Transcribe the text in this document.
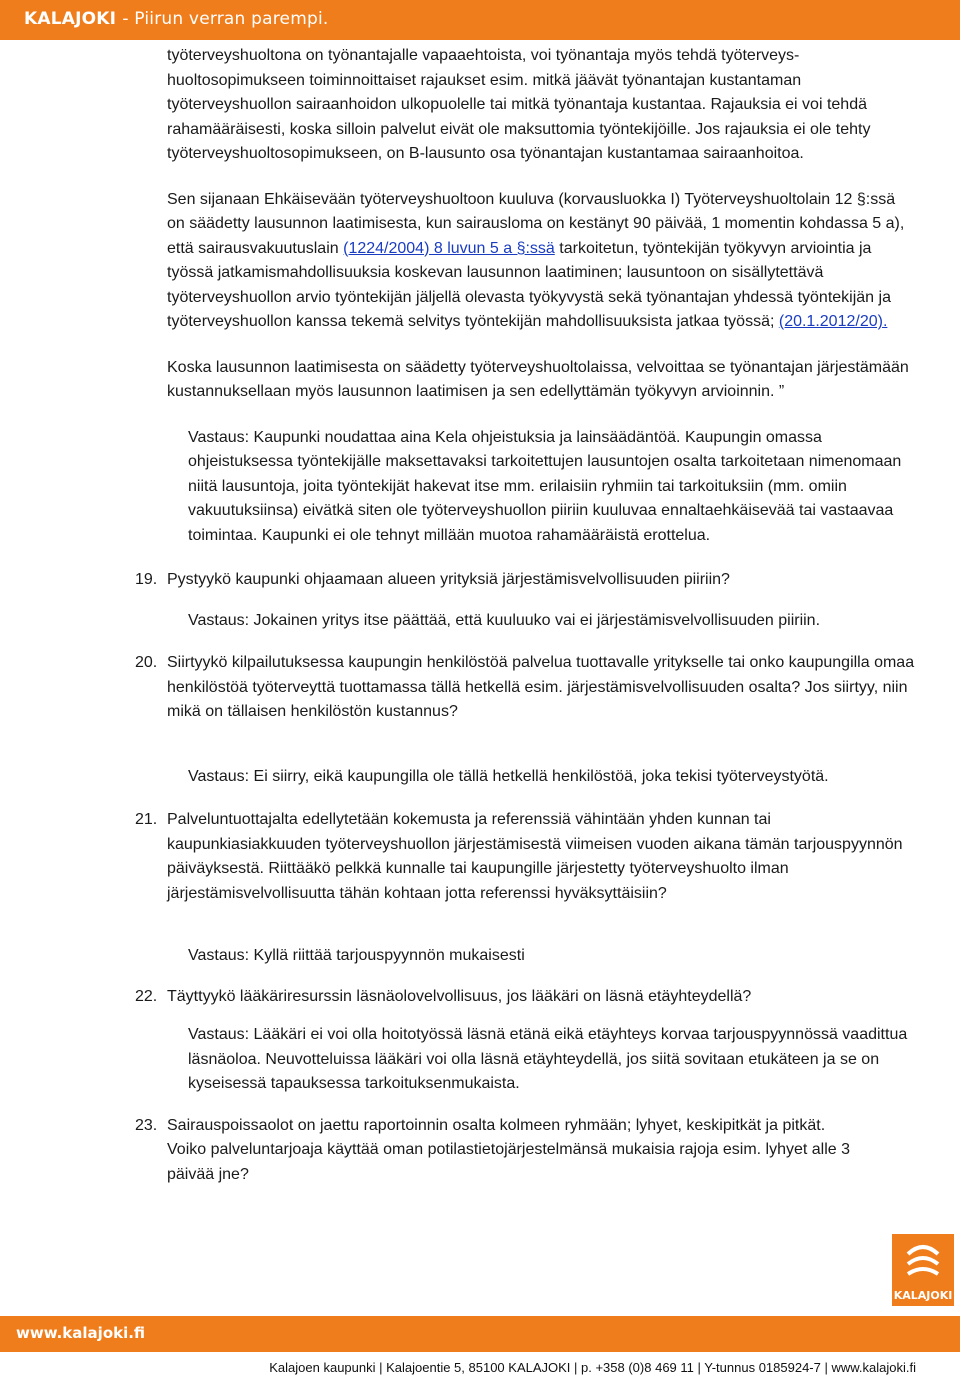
KALAJOKI - Piirun verran parempi.

työterveyshuoltona on työnantajalle vapaaehtoista, voi työnantaja myös tehdä työterveys-huoltosopimukseen toiminnoittaiset rajaukset esim. mitkä jäävät työnantajan kustantaman työterveyshuollon sairaanhoidon ulkopuolelle tai mitkä työnantaja kustantaa. Rajauksia ei voi tehdä rahamääräisesti, koska silloin palvelut eivät ole maksuttomia työntekijöille. Jos rajauksia ei ole tehty työterveyshuoltosopimukseen, on B-lausunto osa työnantajan kustantamaa sairaanhoitoa.

Sen sijanaan Ehkäisevään työterveyshuoltoon kuuluva (korvausluokka I) Työterveyshuoltolain 12 §:ssä on säädetty lausunnon laatimisesta, kun sairausloma on kestänyt 90 päivää, 1 momentin kohdassa 5 a), että sairausvakuutuslain (1224/2004) 8 luvun 5 a §:ssä tarkoitetun, työntekijän työkyvyn arviointia ja työssä jatkamismahdollisuuksia koskevan lausunnon laatiminen; lausuntoon on sisällytettävä työterveyshuollon arvio työntekijän jäljellä olevasta työkyvystä sekä työnantajan yhdessä työntekijän ja työterveyshuollon kanssa tekemä selvitys työntekijän mahdollisuuksista jatkaa työssä; (20.1.2012/20).

Koska lausunnon laatimisesta on säädetty työterveyshuoltolaissa, velvoittaa se työnantajan järjestämään kustannuksellaan myös lausunnon laatimisen ja sen edellyttämän työkyvyn arvioinnin. ”

Vastaus: Kaupunki noudattaa aina Kela ohjeistuksia ja lainsäädäntöä. Kaupungin omassa ohjeistuksessa työntekijälle maksettavaksi tarkoitettujen lausuntojen osalta tarkoitetaan nimenomaan niitä lausuntoja, joita työntekijät hakevat itse mm. erilaisiin ryhmiin tai tarkoituksiin (mm. omiin vakuutuksiinsa) eivätkä siten ole työterveyshuollon piiriin kuuluvaa ennaltaehkäisevää tai vastaavaa toimintaa. Kaupunki ei ole tehnyt millään muotoa rahamääräistä erottelua.

19. Pystyykö kaupunki ohjaamaan alueen yrityksiä järjestämisvelvollisuuden piiriin?

Vastaus: Jokainen yritys itse päättää, että kuuluuko vai ei järjestämisvelvollisuuden piiriin.

20. Siirtyykö kilpailutuksessa kaupungin henkilöstöä palvelua tuottavalle yritykselle tai onko kaupungilla omaa henkilöstöä työterveyttä tuottamassa tällä hetkellä esim. järjestämisvelvollisuuden osalta? Jos siirtyy, niin mikä on tällaisen henkilöstön kustannus?

Vastaus: Ei siirry, eikä kaupungilla ole tällä hetkellä henkilöstöä, joka tekisi työterveystyötä.

21. Palveluntuottajalta edellytetään kokemusta ja referenssiä vähintään yhden kunnan tai kaupunkiasiakkuuden työterveyshuollon järjestämisestä viimeisen vuoden aikana tämän tarjouspyynnön päiväyksestä. Riittääkö pelkkä kunnalle tai kaupungille järjestetty työterveyshuolto ilman järjestämisvelvollisuutta tähän kohtaan jotta referenssi hyväksyttäisiin?

Vastaus: Kyllä riittää tarjouspyynnön mukaisesti

22. Täyttyykö lääkäriresurssin läsnäolovelvollisuus, jos lääkäri on läsnä etäyhteydellä?

Vastaus: Lääkäri ei voi olla hoitotyössä läsnä etänä eikä etäyhteys korvaa tarjouspyynnössä vaadittua läsnäoloa. Neuvotteluissa lääkäri voi olla läsnä etäyhteydellä, jos siitä sovitaan etukäteen ja se on kyseisessä tapauksessa tarkoituksenmukaista.

23. Sairauspoissaolot on jaettu raportoinnin osalta kolmeen ryhmään; lyhyet, keskipitkät ja pitkät. Voiko palveluntarjoaja käyttää oman potilastietojärjestelmänsä mukaisia rajoja esim. lyhyet alle 3 päivää jne?

KALAJOKI
www.kalajoki.fi
Kalajoen kaupunki | Kalajoentie 5, 85100 KALAJOKI | p. +358 (0)8 469 11 | Y-tunnus 0185924-7 | www.kalajoki.fi
